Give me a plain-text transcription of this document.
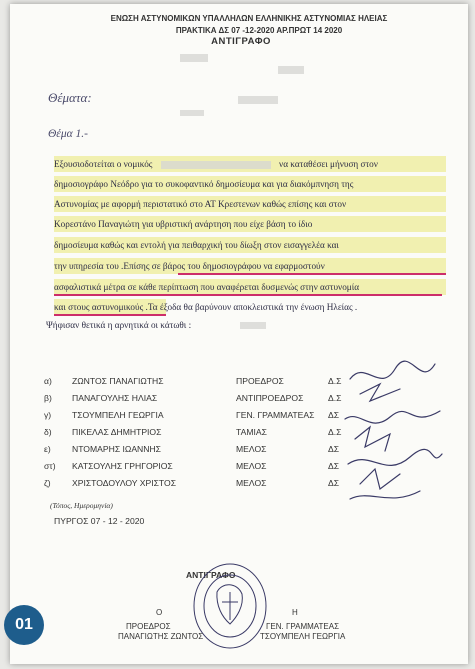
ΕΝΩΣΗ ΑΣΤΥΝΟΜΙΚΩΝ ΥΠΑΛΛΗΛΩΝ ΕΛΛΗΝΙΚΗΣ ΑΣΤΥΝΟΜΙΑΣ ΗΛΕΙΑΣ
ΠΡΑΚΤΙΚΑ ΔΣ 07 -12-2020 ΑΡ.ΠΡΩΤ 14 2020
ΑΝΤΙΓΡΑΦΟ
Θέματα:
Θέμα 1.-
Εξουσιοδοτείται ο νομικός	να καταθέσει μήνυση στον
δημοσιογράφο Νεόδρο για το συκοφαντικό δημοσίευμα και για διακόμπνηση της
Αστυνομίας με αφορμή περιστατικό στο ΑΤ Κρεστενων καθώς επίσης και στον
Κορεστάνο Παναγιώτη για υβριστική ανάρτηση που είχε βάση το ίδιο
δημοσίευμα καθώς και εντολή για πειθαρχική του δίωξη στον εισαγγελέα και
την υπηρεσία του .Επίσης σε βάρος του δημοσιογράφου να εφαρμοστούν
ασφαλιστικά μέτρα σε κάθε περίπτωση που αναφέρεται δυσμενώς στην αστυνομία
και στους αστυνομικούς .Τα έξοδα θα βαρύνουν αποκλειστικά την ένωση Ηλείας .
Ψήφισαν θετικά η αρνητικά οι κάτωθι :
α) ΖΩΝΤΟΣ ΠΑΝΑΓΙΩΤΗΣ	ΠΡΟΕΔΡΟΣ	Δ.Σ
β) ΠΑΝΑΓΟΥΛΗΣ ΗΛΙΑΣ	ΑΝΤΙΠΡΟΕΔΡΟΣ	Δ.Σ
γ) ΤΣΟΥΜΠΕΛΗ ΓΕΩΡΓΙΑ	ΓΕΝ. ΓΡΑΜΜΑΤΕΑΣ ΔΣ
δ) ΠΙΚΕΛΑΣ ΔΗΜΗΤΡΙΟΣ	ΤΑΜΙΑΣ	Δ.Σ
ε) ΝΤΟΜΑΡΗΣ ΙΩΑΝΝΗΣ	ΜΕΛΟΣ	ΔΣ
στ) ΚΑΤΣΟΥΛΗΣ ΓΡΗΓΟΡΙΟΣ	ΜΕΛΟΣ	ΔΣ
ζ) ΧΡΙΣΤΟΔΟΥΛΟΥ ΧΡΙΣΤΟΣ	ΜΕΛΟΣ	ΔΣ
(Τόπος, Ημερομηνία)
ΠΥΡΓΟΣ 07 - 12 - 2020
ΑΝΤΙΓΡΑΦΟ
Ο
ΠΡΟΕΔΡΟΣ
ΠΑΝΑΓΙΩΤΗΣ ΖΩΝΤΟΣ
Η
ΓΕΝ. ΓΡΑΜΜΑΤΕΑΣ
ΤΣΟΥΜΠΕΛΗ ΓΕΩΡΓΙΑ
01
